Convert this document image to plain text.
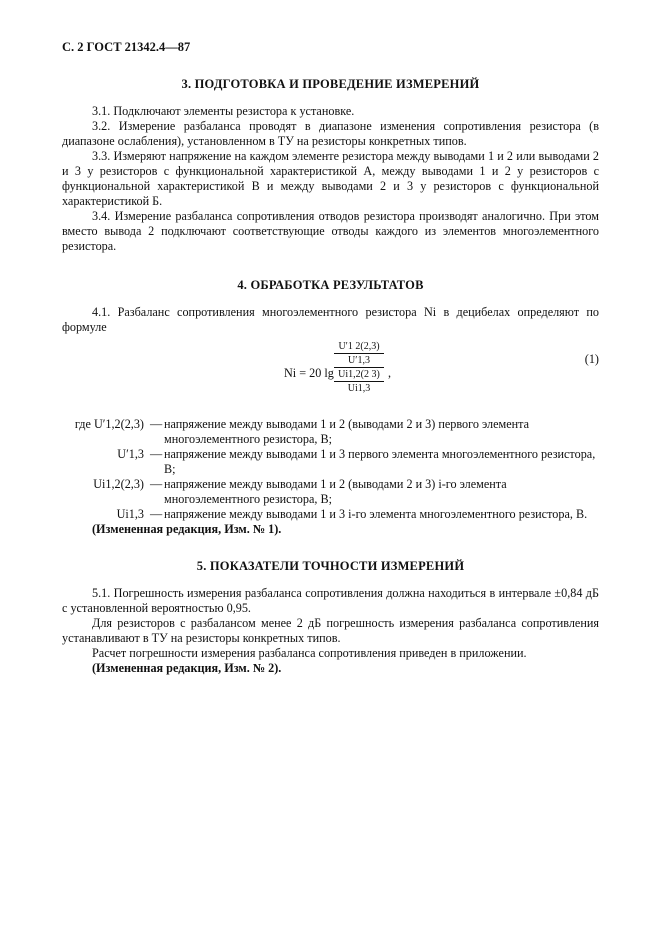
С. 2 ГОСТ 21342.4—87
3. ПОДГОТОВКА И ПРОВЕДЕНИЕ ИЗМЕРЕНИЙ

3.1. Подключают элементы резистора к установке.

3.2. Измерение разбаланса проводят в диапазоне изменения сопротивления резистора (в диапазоне ослабления), установленном в ТУ на резисторы конкретных типов.

3.3. Измеряют напряжение на каждом элементе резистора между выводами 1 и 2 или выводами 2 и 3 у резисторов с функциональной характеристикой А, между выводами 1 и 2 у резисторов с функциональной характеристикой В и между выводами 2 и 3 у резисторов с функциональной характеристикой Б.

3.4. Измерение разбаланса сопротивления отводов резистора производят аналогично. При этом вместо вывода 2 подключают соответствующие отводы каждого из элементов многоэлементного резистора.

4. ОБРАБОТКА РЕЗУЛЬТАТОВ

4.1. Разбаланс сопротивления многоэлементного резистора Ni в децибелах определяют по формуле

Ni = 20 lg
U′1 2(2,3)
U′1,3
Ui1,2(2 3)
Ui1,3
,
(1)
где U′1,2(2,3) — напряжение между выводами 1 и 2 (выводами 2 и 3) первого элемента многоэлементного резистора, В;
U′1,3 — напряжение между выводами 1 и 3 первого элемента многоэлементного резистора, В;
Ui1,2(2,3) — напряжение между выводами 1 и 2 (выводами 2 и 3) i-го элемента многоэлементного резистора, В;
Ui1,3 — напряжение между выводами 1 и 3 i-го элемента многоэлементного резистора, В.

(Измененная редакция, Изм. № 1).

5. ПОКАЗАТЕЛИ ТОЧНОСТИ ИЗМЕРЕНИЙ

5.1. Погрешность измерения разбаланса сопротивления должна находиться в интервале ±0,84 дБ с установленной вероятностью 0,95.

Для резисторов с разбалансом менее 2 дБ погрешность измерения разбаланса сопротивления устанавливают в ТУ на резисторы конкретных типов.

Расчет погрешности измерения разбаланса сопротивления приведен в приложении.

(Измененная редакция, Изм. № 2).
